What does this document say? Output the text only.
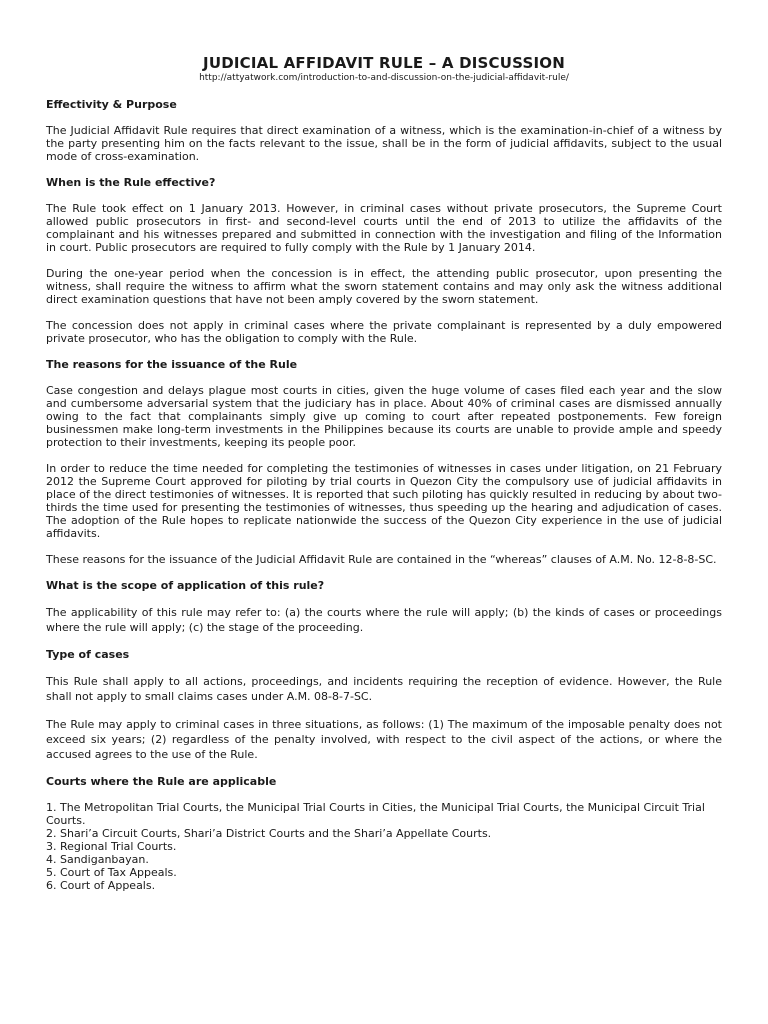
JUDICIAL AFFIDAVIT RULE – A DISCUSSION

http://attyatwork.com/introduction-to-and-discussion-on-the-judicial-affidavit-rule/

Effectivity & Purpose

The Judicial Affidavit Rule requires that direct examination of a witness, which is the examination-in-chief of a witness by the party presenting him on the facts relevant to the issue, shall be in the form of judicial affidavits, subject to the usual mode of cross-examination.

When is the Rule effective?

The Rule took effect on 1 January 2013. However, in criminal cases without private prosecutors, the Supreme Court allowed public prosecutors in first- and second-level courts until the end of 2013 to utilize the affidavits of the complainant and his witnesses prepared and submitted in connection with the investigation and filing of the Information in court. Public prosecutors are required to fully comply with the Rule by 1 January 2014.

During the one-year period when the concession is in effect, the attending public prosecutor, upon presenting the witness, shall require the witness to affirm what the sworn statement contains and may only ask the witness additional direct examination questions that have not been amply covered by the sworn statement.

The concession does not apply in criminal cases where the private complainant is represented by a duly empowered private prosecutor, who has the obligation to comply with the Rule.

The reasons for the issuance of the Rule

Case congestion and delays plague most courts in cities, given the huge volume of cases filed each year and the slow and cumbersome adversarial system that the judiciary has in place. About 40% of criminal cases are dismissed annually owing to the fact that complainants simply give up coming to court after repeated postponements. Few foreign businessmen make long-term investments in the Philippines because its courts are unable to provide ample and speedy protection to their investments, keeping its people poor.

In order to reduce the time needed for completing the testimonies of witnesses in cases under litigation, on 21 February 2012 the Supreme Court approved for piloting by trial courts in Quezon City the compulsory use of judicial affidavits in place of the direct testimonies of witnesses. It is reported that such piloting has quickly resulted in reducing by about two-thirds the time used for presenting the testimonies of witnesses, thus speeding up the hearing and adjudication of cases. The adoption of the Rule hopes to replicate nationwide the success of the Quezon City experience in the use of judicial affidavits.

These reasons for the issuance of the Judicial Affidavit Rule are contained in the “whereas” clauses of A.M. No. 12-8-8-SC.

What is the scope of application of this rule?

The applicability of this rule may refer to: (a) the courts where the rule will apply; (b) the kinds of cases or proceedings where the rule will apply; (c) the stage of the proceeding.

Type of cases

This Rule shall apply to all actions, proceedings, and incidents requiring the reception of evidence. However, the Rule shall not apply to small claims cases under A.M. 08-8-7-SC.

The Rule may apply to criminal cases in three situations, as follows: (1) The maximum of the imposable penalty does not exceed six years; (2) regardless of the penalty involved, with respect to the civil aspect of the actions, or where the accused agrees to the use of the Rule.

Courts where the Rule are applicable
1. The Metropolitan Trial Courts, the Municipal Trial Courts in Cities, the Municipal Trial Courts, the Municipal Circuit Trial Courts.
2. Shari’a Circuit Courts, Shari’a District Courts and the Shari’a Appellate Courts.
3. Regional Trial Courts.
4. Sandiganbayan.
5. Court of Tax Appeals.
6. Court of Appeals.
